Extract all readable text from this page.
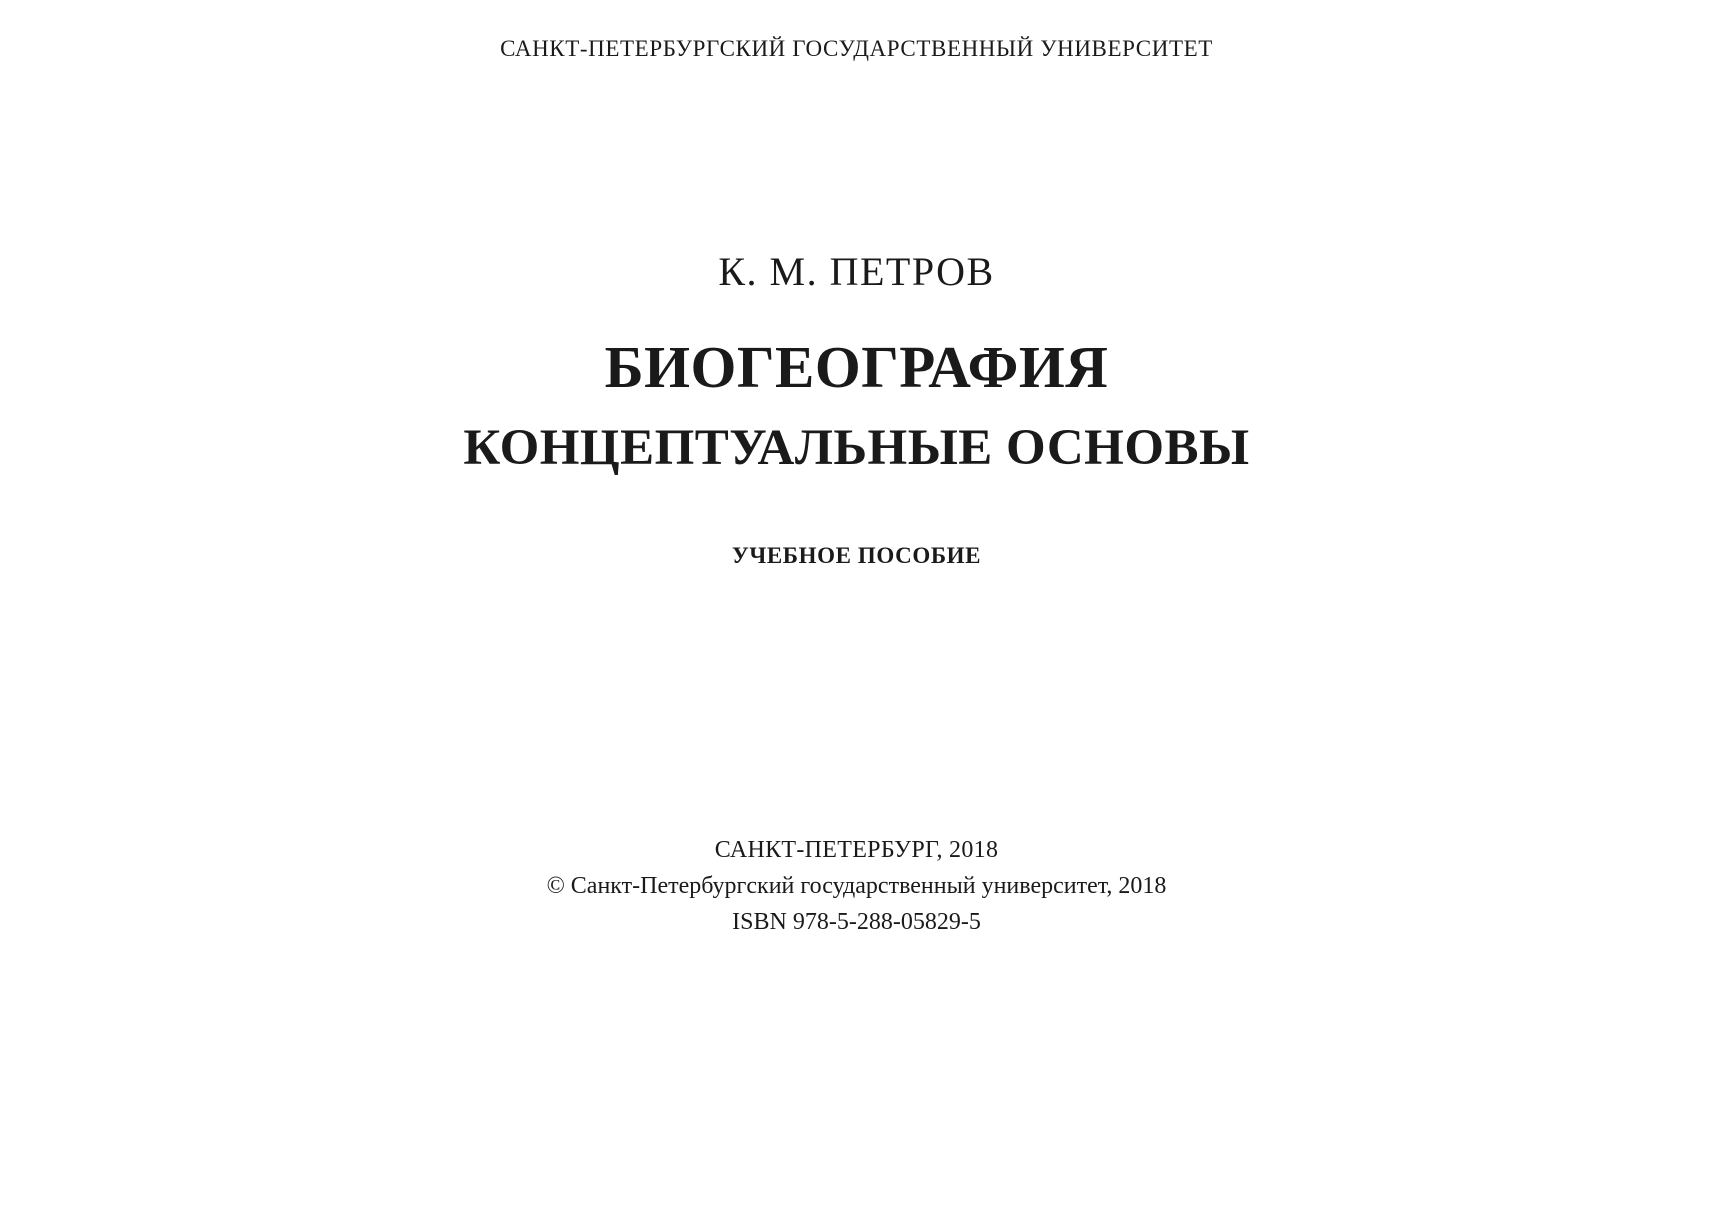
САНКТ-ПЕТЕРБУРГСКИЙ ГОСУДАРСТВЕННЫЙ УНИВЕРСИТЕТ

К. М. ПЕТРОВ

БИОГЕОГРАФИЯ

КОНЦЕПТУАЛЬНЫЕ ОСНОВЫ

УЧЕБНОЕ ПОСОБИЕ

САНКТ-ПЕТЕРБУРГ, 2018

© Санкт-Петербургский государственный университет, 2018

ISBN 978-5-288-05829-5
